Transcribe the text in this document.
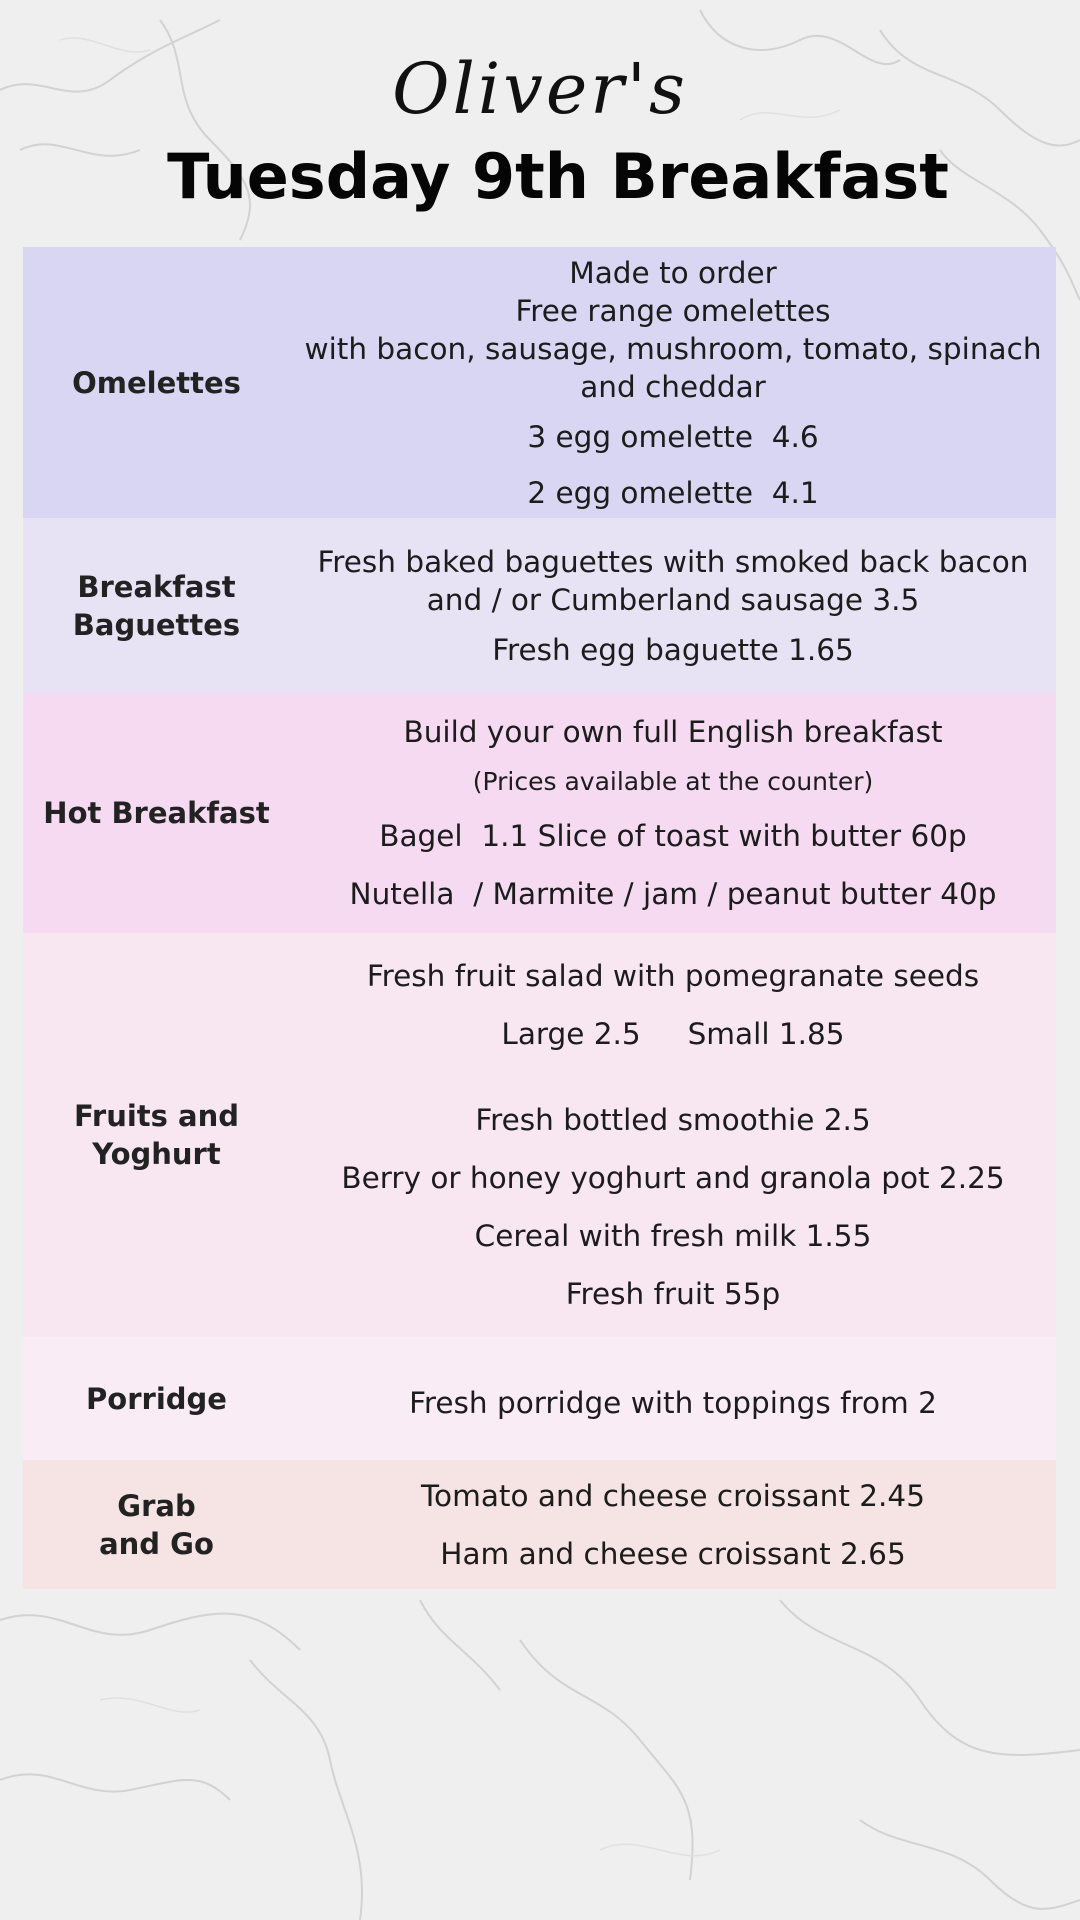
Oliver's
Tuesday 9th Breakfast
Omelettes
Made to order
Free range omelettes
with bacon, sausage, mushroom, tomato, spinach
and cheddar
3 egg omelette  4.6
2 egg omelette  4.1
Breakfast
Baguettes
Fresh baked baguettes with smoked back bacon
and / or Cumberland sausage 3.5
Fresh egg baguette 1.65
Hot Breakfast
Build your own full English breakfast
(Prices available at the counter)
Bagel  1.1 Slice of toast with butter 60p
Nutella  / Marmite / jam / peanut butter 40p
Fruits and
Yoghurt
Fresh fruit salad with pomegranate seeds
Large 2.5     Small 1.85
Fresh bottled smoothie 2.5
Berry or honey yoghurt and granola pot 2.25
Cereal with fresh milk 1.55
Fresh fruit 55p
Porridge	Fresh porridge with toppings from 2
Grab
and Go
Tomato and cheese croissant 2.45
Ham and cheese croissant 2.65
